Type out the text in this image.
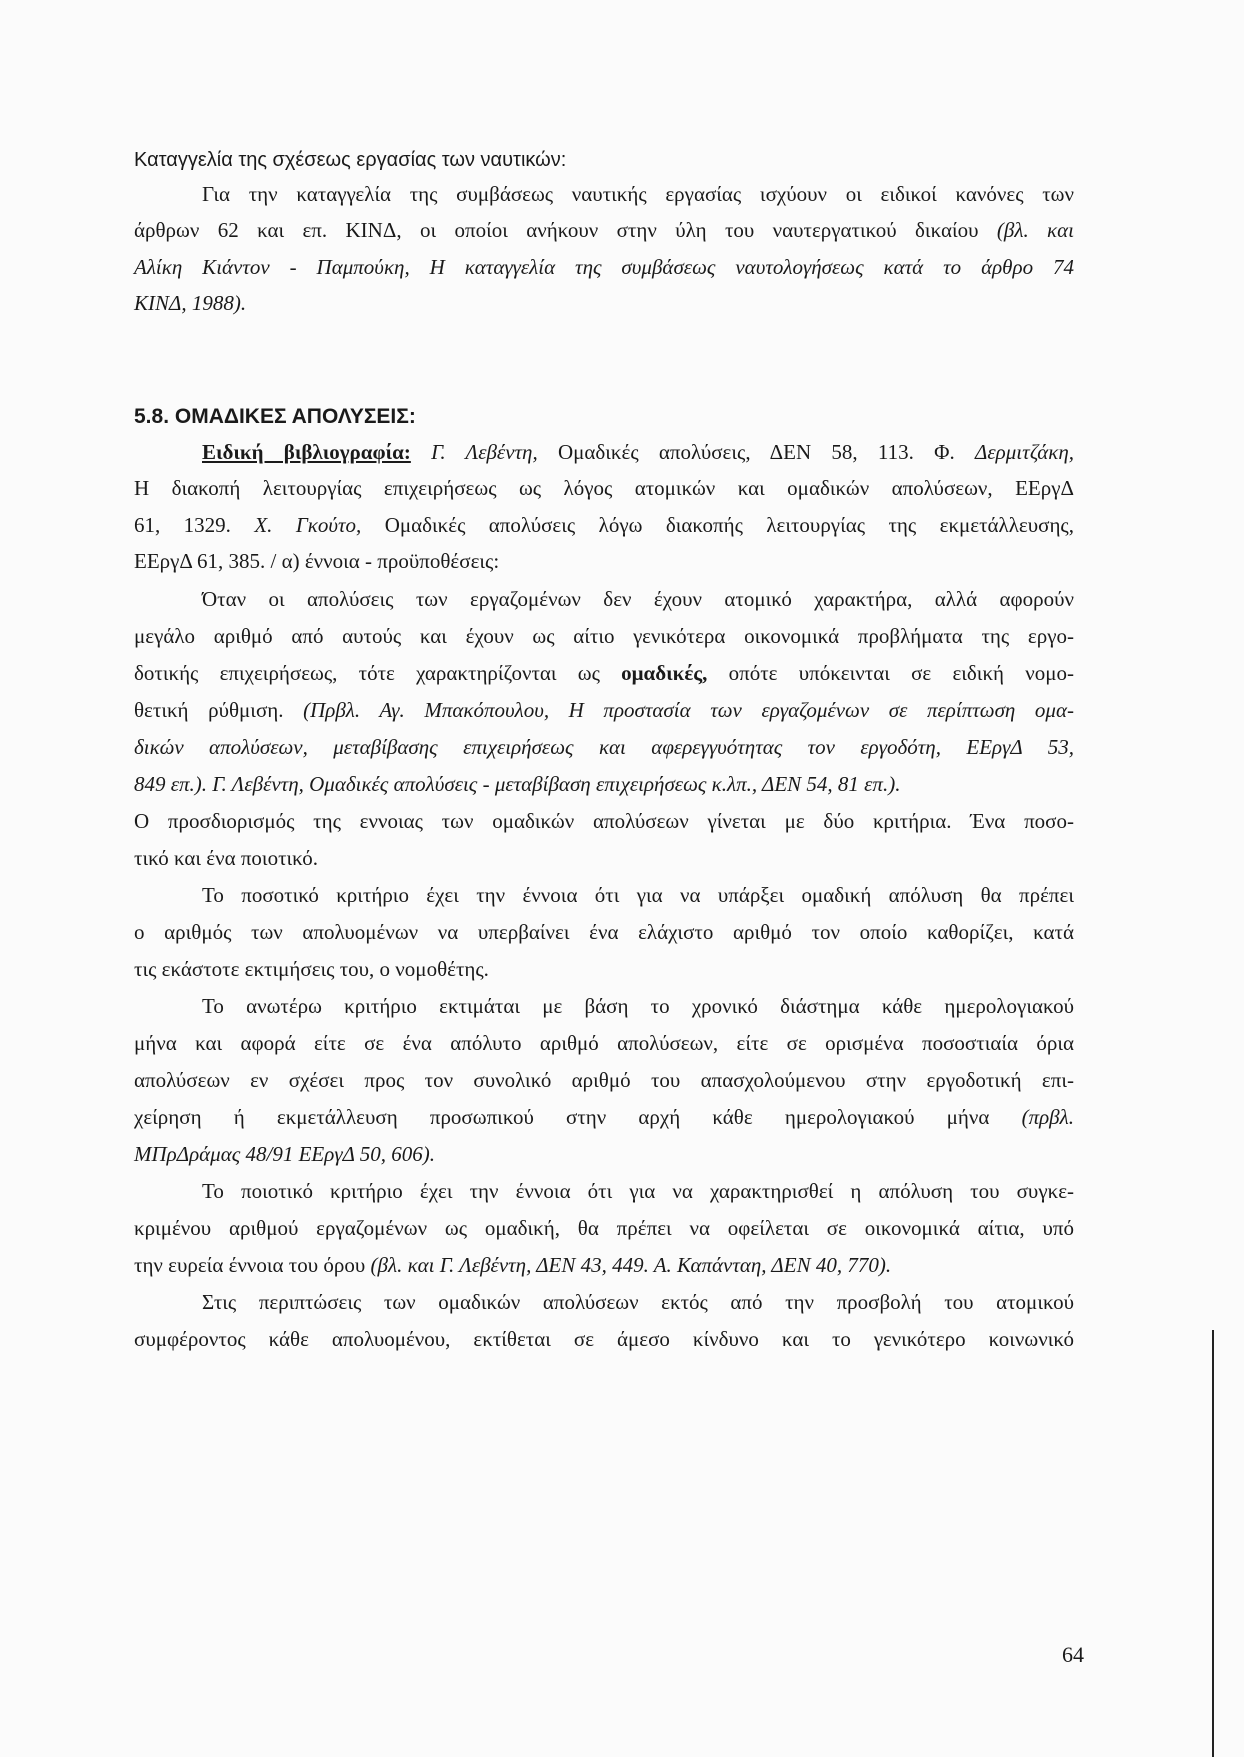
Καταγγελία της σχέσεως εργασίας των ναυτικών:
Για την καταγγελία της συμβάσεως ναυτικής εργασίας ισχύουν οι ειδικοί κανόνες των
άρθρων 62 και επ. ΚΙΝΔ, οι οποίοι ανήκουν στην ύλη του ναυτεργατικού δικαίου (βλ. και
Αλίκη Κιάντον - Παμπούκη, Η καταγγελία της συμβάσεως ναυτολογήσεως κατά το άρθρο 74
ΚΙΝΔ, 1988).
5.8. ΟΜΑΔΙΚΕΣ ΑΠΟΛΥΣΕΙΣ:
Ειδική βιβλιογραφία: Γ. Λεβέντη, Ομαδικές απολύσεις, ΔΕΝ 58, 113. Φ. Δερμιτζάκη,
Η διακοπή λειτουργίας επιχειρήσεως ως λόγος ατομικών και ομαδικών απολύσεων, ΕΕργΔ
61, 1329. Χ. Γκούτο, Ομαδικές απολύσεις λόγω διακοπής λειτουργίας της εκμετάλλευσης,
ΕΕργΔ 61, 385. / α) έννοια - προϋποθέσεις:
Όταν οι απολύσεις των εργαζομένων δεν έχουν ατομικό χαρακτήρα, αλλά αφορούν
μεγάλο αριθμό από αυτούς και έχουν ως αίτιο γενικότερα οικονομικά προβλήματα της εργο-
δοτικής επιχειρήσεως, τότε χαρακτηρίζονται ως ομαδικές, οπότε υπόκεινται σε ειδική νομο-
θετική ρύθμιση. (Πρβλ. Αγ. Μπακόπουλου, Η προστασία των εργαζομένων σε περίπτωση ομα-
δικών απολύσεων, μεταβίβασης επιχειρήσεως και αφερεγγυότητας τον εργοδότη, ΕΕργΔ 53,
849 επ.). Γ. Λεβέντη, Ομαδικές απολύσεις - μεταβίβαση επιχειρήσεως κ.λπ., ΔΕΝ 54, 81 επ.).
Ο προσδιορισμός της εννοιας των ομαδικών απολύσεων γίνεται με δύο κριτήρια. Ένα ποσο-
τικό και ένα ποιοτικό.
Το ποσοτικό κριτήριο έχει την έννοια ότι για να υπάρξει ομαδική απόλυση θα πρέπει
ο αριθμός των απολυομένων να υπερβαίνει ένα ελάχιστο αριθμό τον οποίο καθορίζει, κατά
τις εκάστοτε εκτιμήσεις του, ο νομοθέτης.
Το ανωτέρω κριτήριο εκτιμάται με βάση το χρονικό διάστημα κάθε ημερολογιακού
μήνα και αφορά είτε σε ένα απόλυτο αριθμό απολύσεων, είτε σε ορισμένα ποσοστιαία όρια
απολύσεων εν σχέσει προς τον συνολικό αριθμό του απασχολούμενου στην εργοδοτική επι-
χείρηση ή εκμετάλλευση προσωπικού στην αρχή κάθε ημερολογιακού μήνα (πρβλ.
ΜΠρΔράμας 48/91 ΕΕργΔ 50, 606).
Το ποιοτικό κριτήριο έχει την έννοια ότι για να χαρακτηρισθεί η απόλυση του συγκε-
κριμένου αριθμού εργαζομένων ως ομαδική, θα πρέπει να οφείλεται σε οικονομικά αίτια, υπό
την ευρεία έννοια του όρου (βλ. και Γ. Λεβέντη, ΔΕΝ 43, 449. Α. Καπάνταη, ΔΕΝ 40, 770).
Στις περιπτώσεις των ομαδικών απολύσεων εκτός από την προσβολή του ατομικού
συμφέροντος κάθε απολυομένου, εκτίθεται σε άμεσο κίνδυνο και το γενικότερο κοινωνικό
64
